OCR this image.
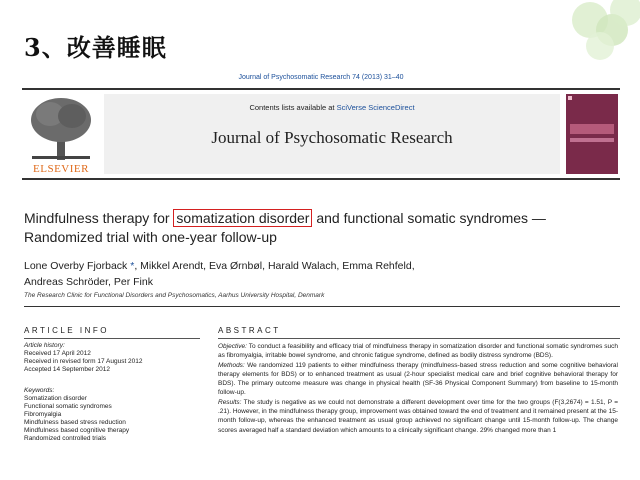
3、改善睡眠
Journal of Psychosomatic Research 74 (2013) 31–40
ELSEVIER
Contents lists available at SciVerse ScienceDirect
Journal of Psychosomatic Research
Mindfulness therapy for somatization disorder and functional somatic syndromes — Randomized trial with one-year follow-up
Lone Overby Fjorback *, Mikkel Arendt, Eva Ørnbøl, Harald Walach, Emma Rehfeld,
Andreas Schröder, Per Fink
The Research Clinic for Functional Disorders and Psychosomatics, Aarhus University Hospital, Denmark
ARTICLE INFO	ABSTRACT
Article history:
Received 17 April 2012
Received in revised form 17 August 2012
Accepted 14 September 2012
Keywords:
Somatization disorder
Functional somatic syndromes
Fibromyalgia
Mindfulness based stress reduction
Mindfulness based cognitive therapy
Randomized controlled trials

Objective: To conduct a feasibility and efficacy trial of mindfulness therapy in somatization disorder and functional somatic syndromes such as fibromyalgia, irritable bowel syndrome, and chronic fatigue syndrome, defined as bodily distress syndrome (BDS).

Methods: We randomized 119 patients to either mindfulness therapy (mindfulness-based stress reduction and some cognitive behavioral therapy elements for BDS) or to enhanced treatment as usual (2-hour specialist medical care and brief cognitive behavioral therapy for BDS). The primary outcome measure was change in physical health (SF-36 Physical Component Summary) from baseline to 15-month follow-up.

Results: The study is negative as we could not demonstrate a different development over time for the two groups (F(3,2674) = 1.51, P = .21). However, in the mindfulness therapy group, improvement was obtained toward the end of treatment and it remained present at the 15-month follow-up, whereas the enhanced treatment as usual group achieved no significant change until 15-month follow-up. The change scores averaged half a standard deviation which amounts to a clinically significant change. 29% changed more than 1
